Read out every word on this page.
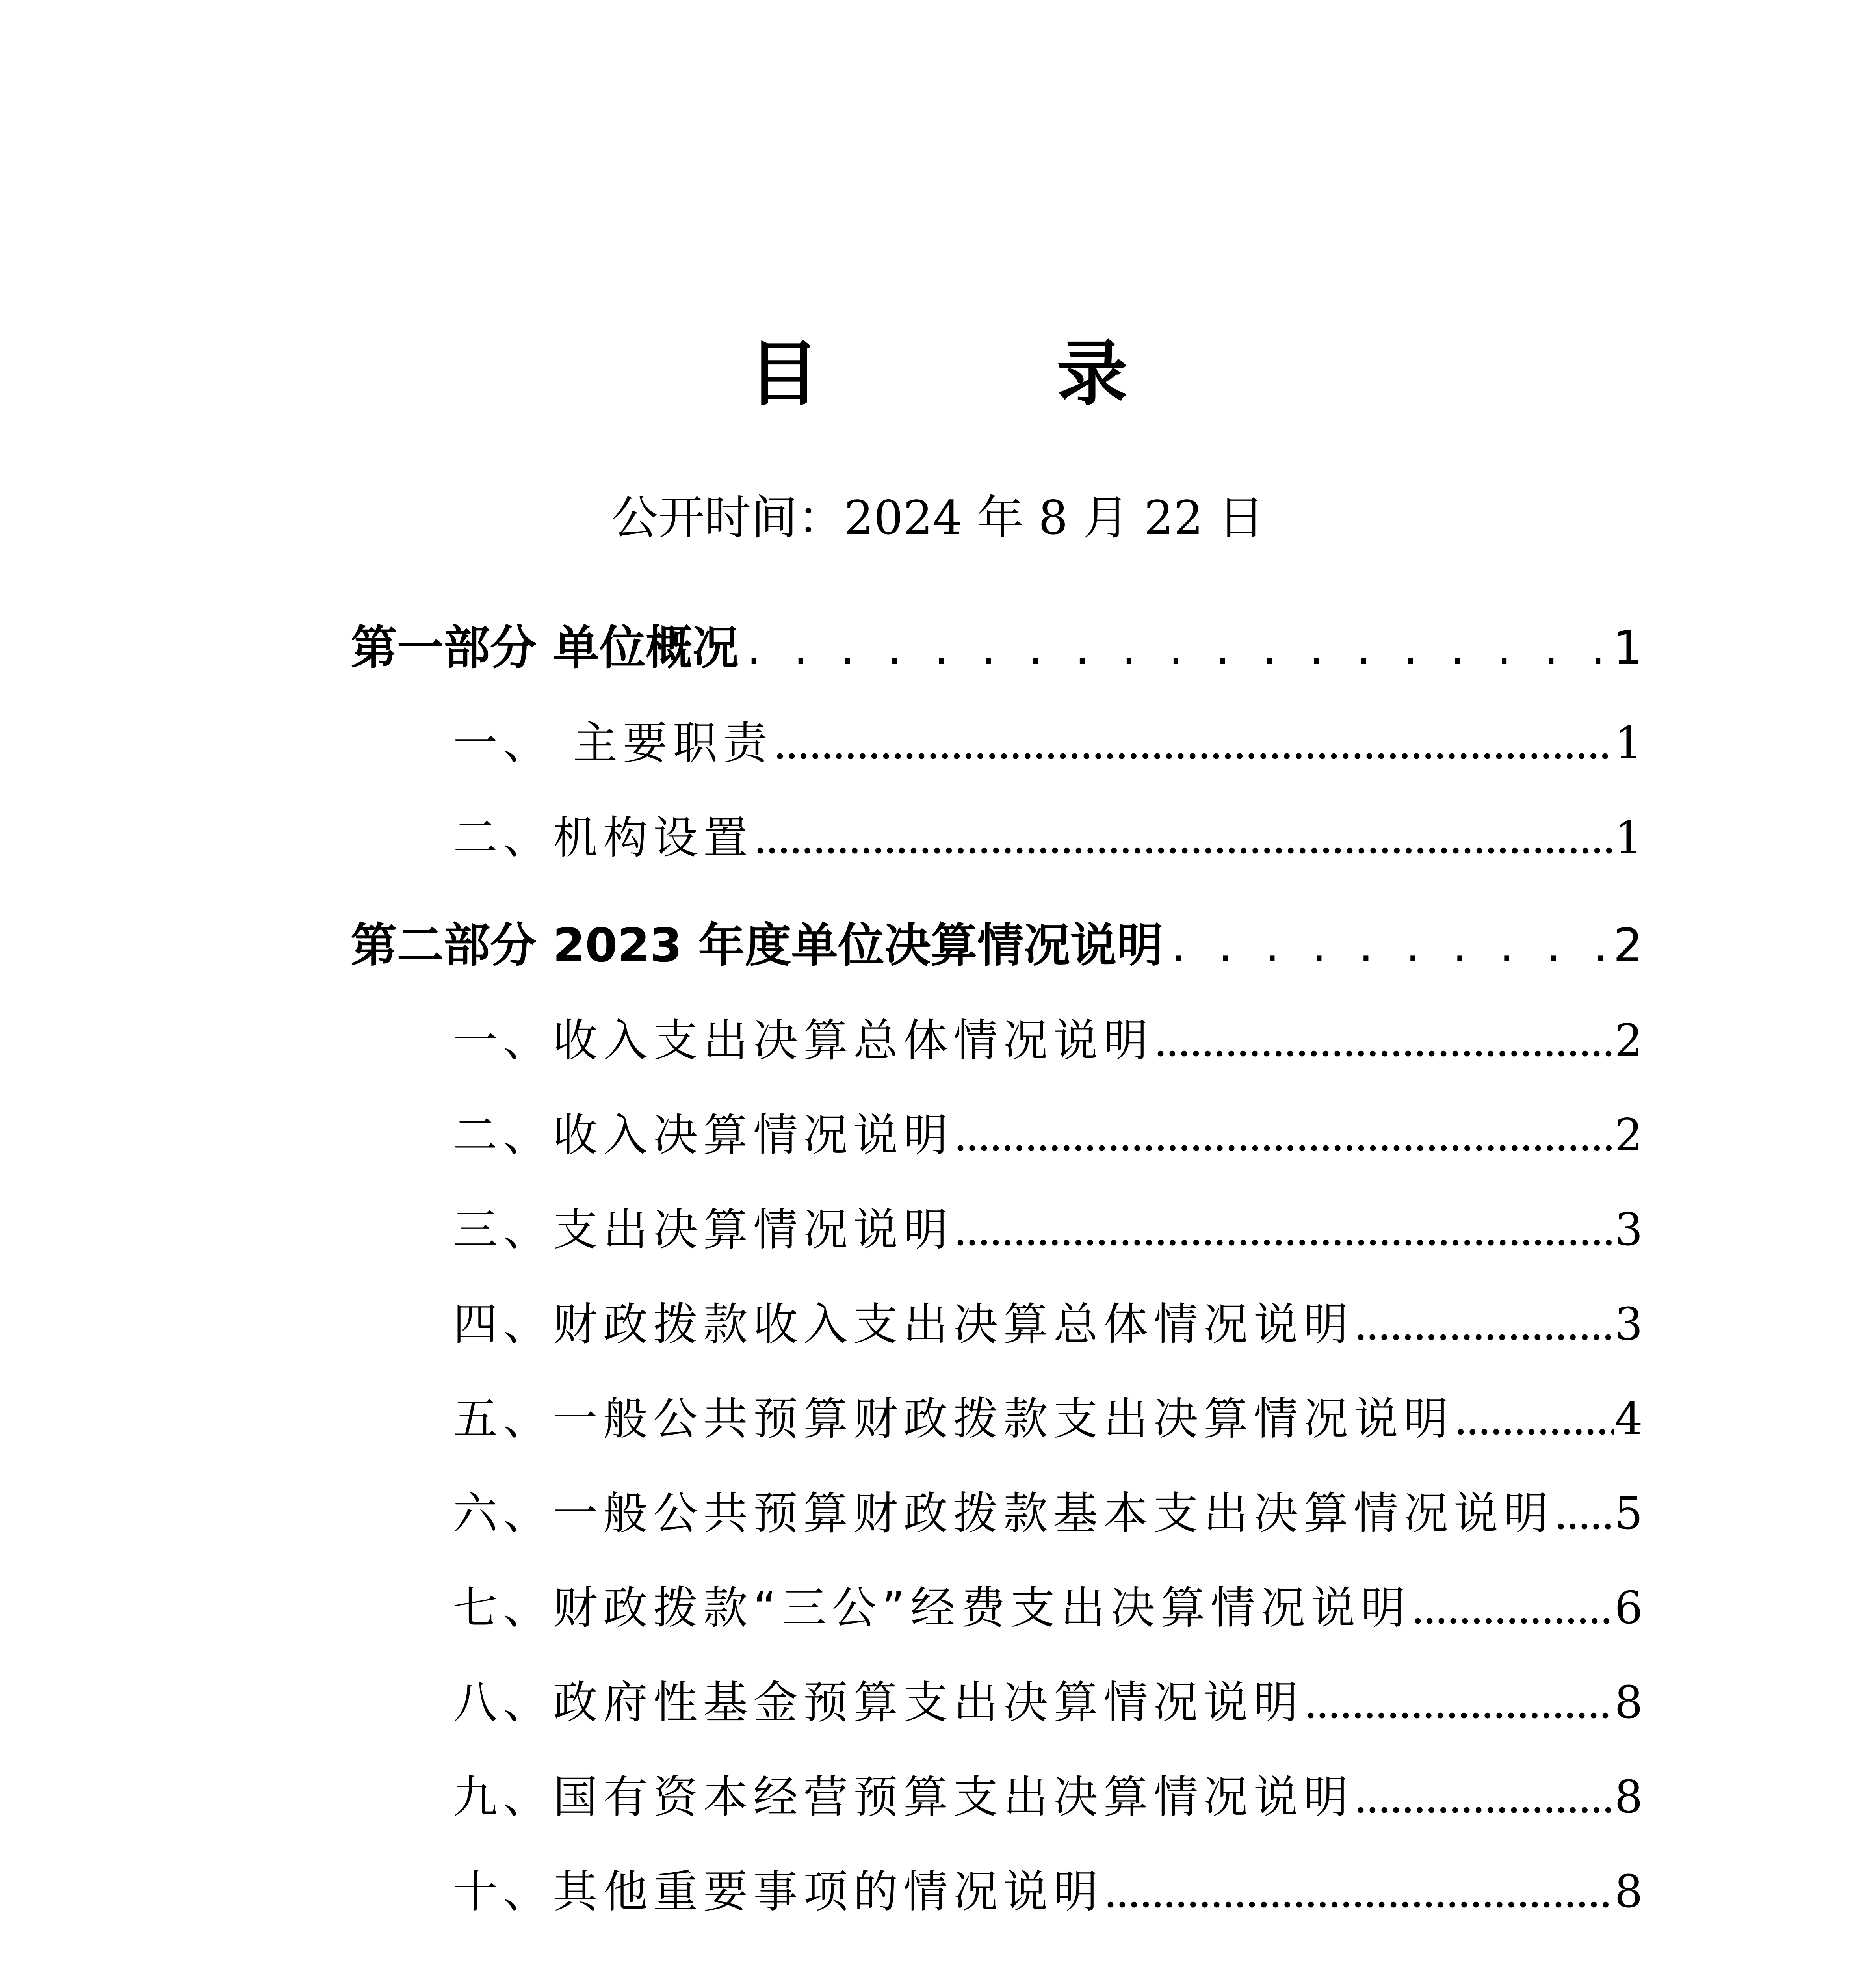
目 录
公开时间：2024 年 8 月 22 日
第一部分 单位概况 . . .	1
一、 主要职责 .....	1
二、机构设置 .....	1
第二部分 2023 年度单位决算情况说明 . . .	2
一、收入支出决算总体情况说明 .....	2
二、收入决算情况说明 .....	2
三、支出决算情况说明 .....	3
四、财政拨款收入支出决算总体情况说明 .....	3
五、一般公共预算财政拨款支出决算情况说明 .....	4
六、一般公共预算财政拨款基本支出决算情况说明 ..... 5
七、财政拨款“三公”经费支出决算情况说明 .....	6
八、政府性基金预算支出决算情况说明 .....	8
九、国有资本经营预算支出决算情况说明 .....	8
十、其他重要事项的情况说明 .....	8
